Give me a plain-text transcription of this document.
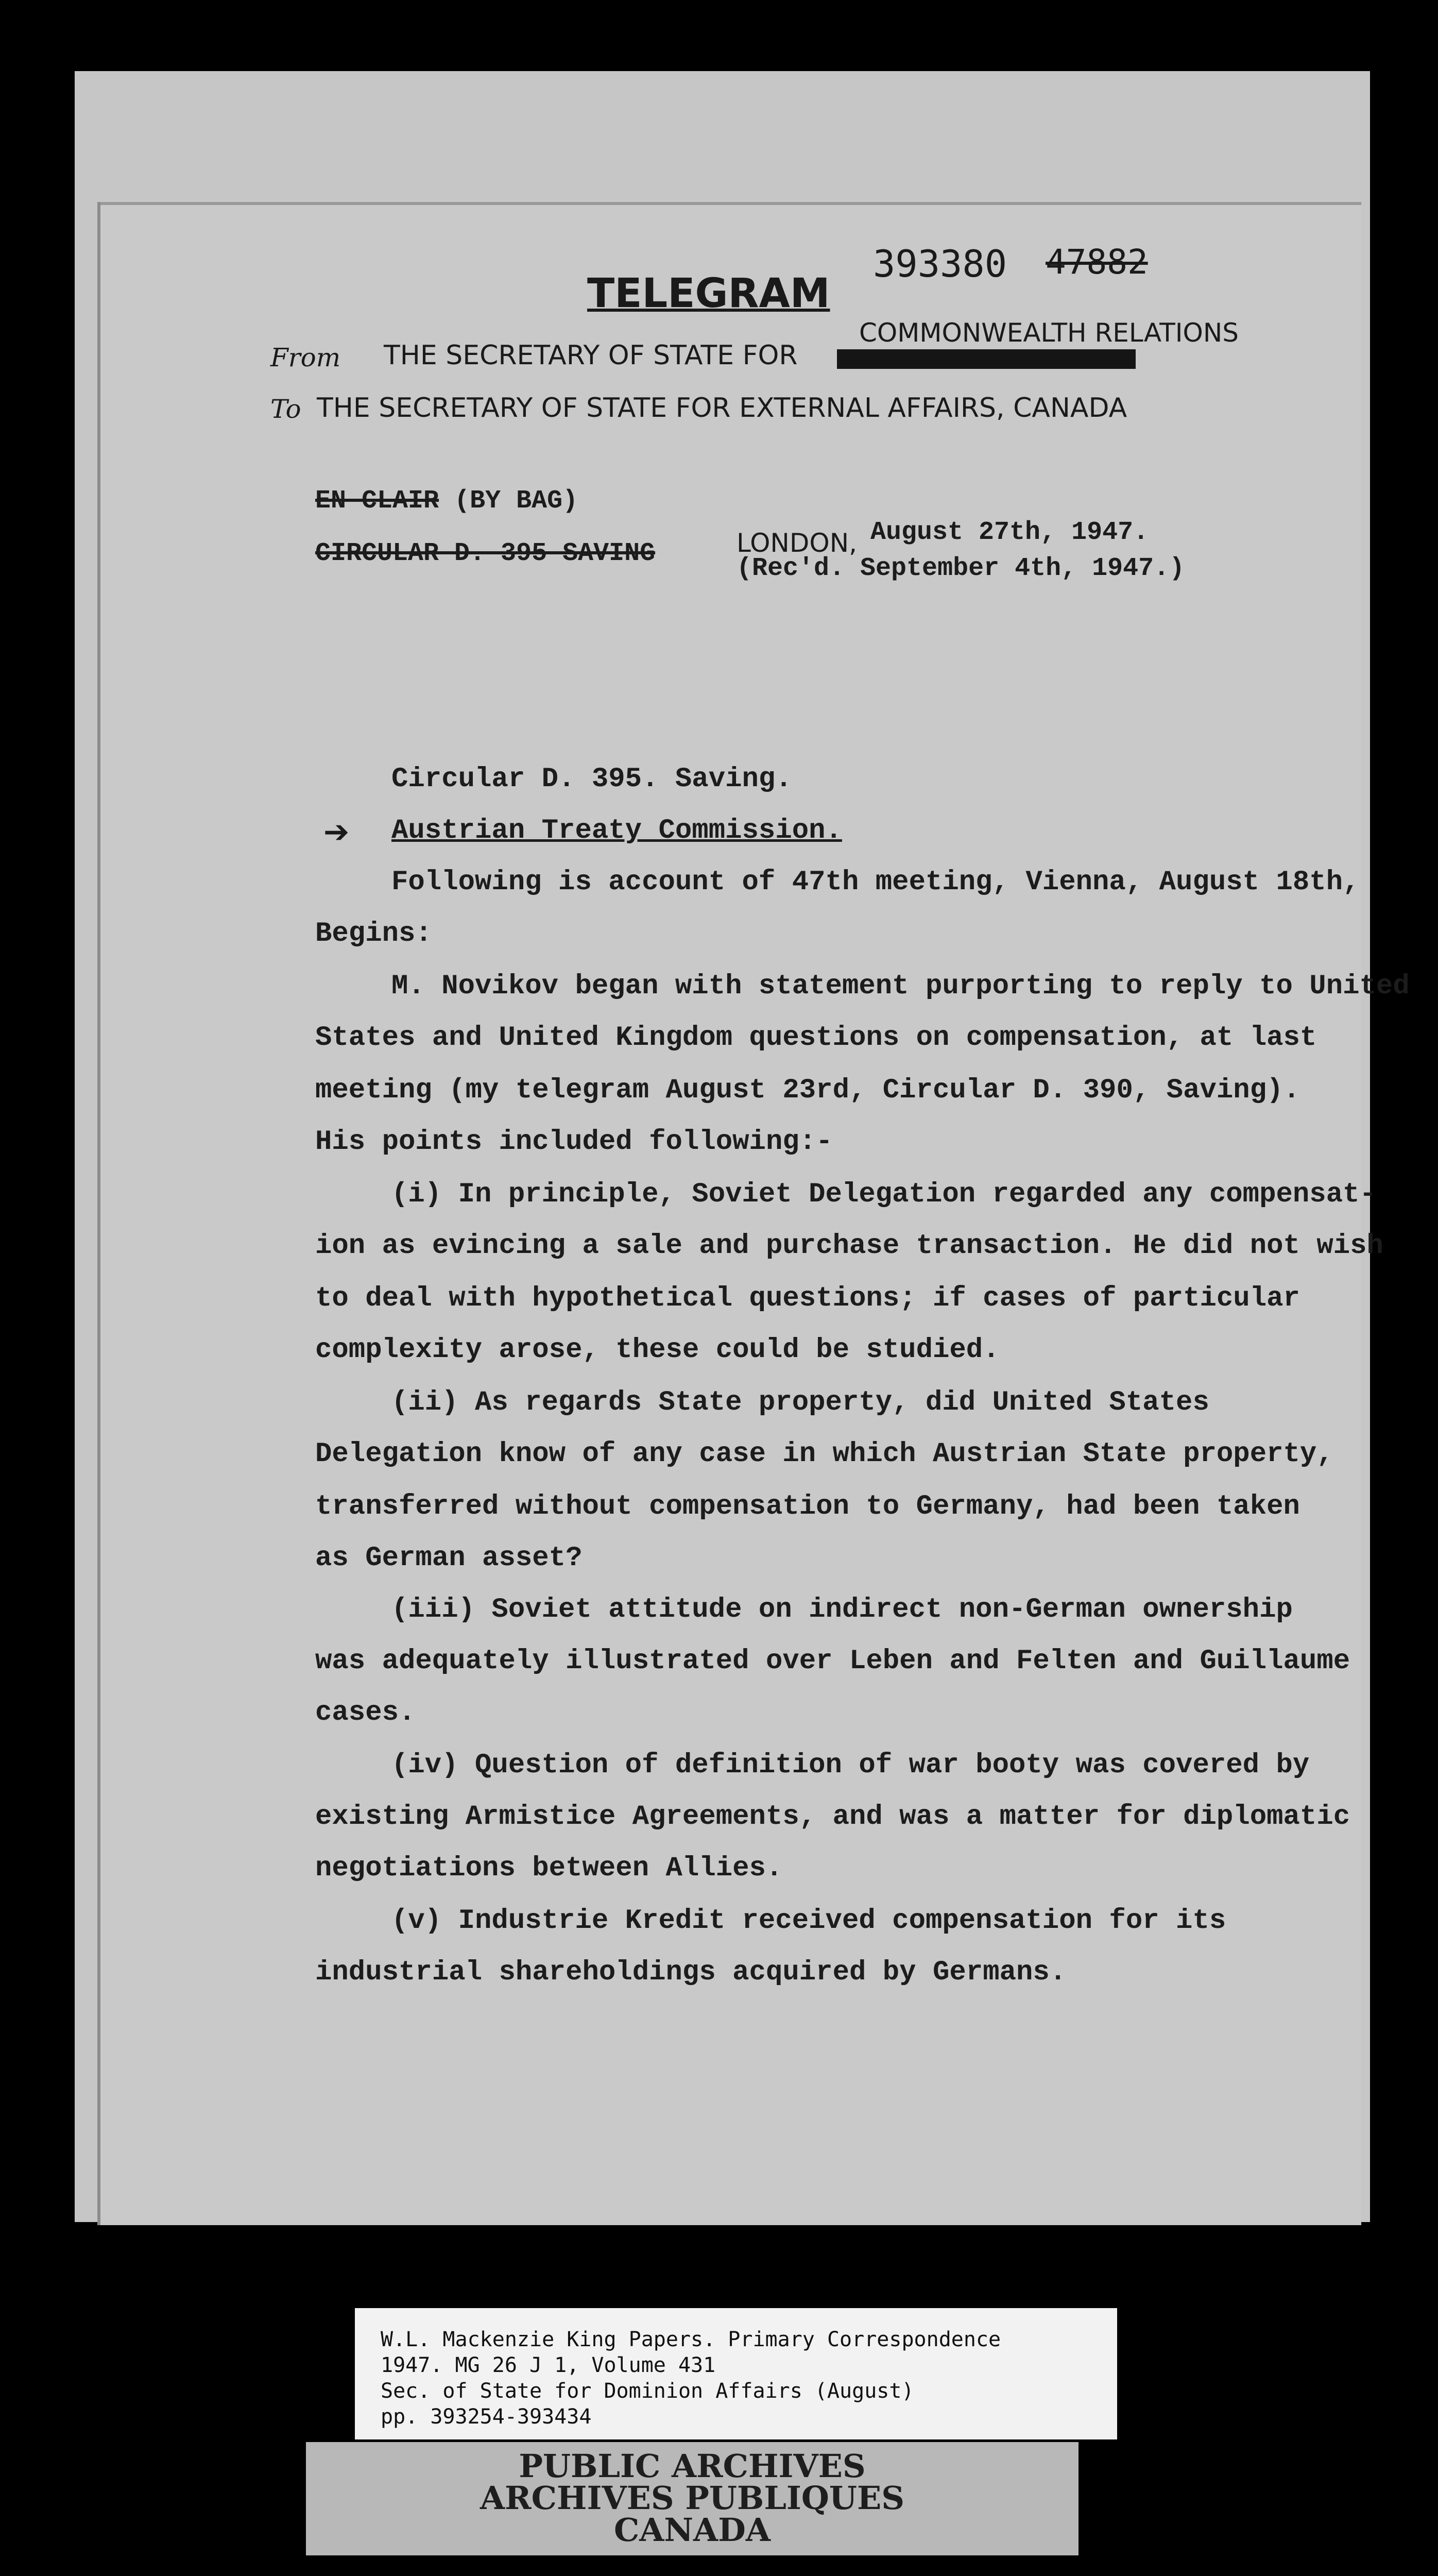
393380 47882
TELEGRAM
COMMONWEALTH RELATIONS
From THE SECRETARY OF STATE FOR
To THE SECRETARY OF STATE FOR EXTERNAL AFFAIRS, CANADA
EN CLAIR (BY BAG)
CIRCULAR D. 395 SAVING	LONDON, August 27th, 1947.
(Rec'd. September 4th, 1947.)
Circular D. 395. Saving.
➔ Austrian Treaty Commission.
Following is account of 47th meeting, Vienna, August 18th,
Begins:
M. Novikov began with statement purporting to reply to United
States and United Kingdom questions on compensation, at last
meeting (my telegram August 23rd, Circular D. 390, Saving).
His points included following:-
(i) In principle, Soviet Delegation regarded any compensat-
ion as evincing a sale and purchase transaction. He did not wish
to deal with hypothetical questions; if cases of particular
complexity arose, these could be studied.
(ii) As regards State property, did United States
Delegation know of any case in which Austrian State property,
transferred without compensation to Germany, had been taken
as German asset?
(iii) Soviet attitude on indirect non-German ownership
was adequately illustrated over Leben and Felten and Guillaume
cases.
(iv) Question of definition of war booty was covered by
existing Armistice Agreements, and was a matter for diplomatic
negotiations between Allies.
(v) Industrie Kredit received compensation for its
industrial shareholdings acquired by Germans.
W.L. Mackenzie King Papers. Primary Correspondence
1947. MG 26 J 1, Volume 431
Sec. of State for Dominion Affairs (August)
pp. 393254-393434
PUBLIC ARCHIVES
ARCHIVES PUBLIQUES
CANADA
